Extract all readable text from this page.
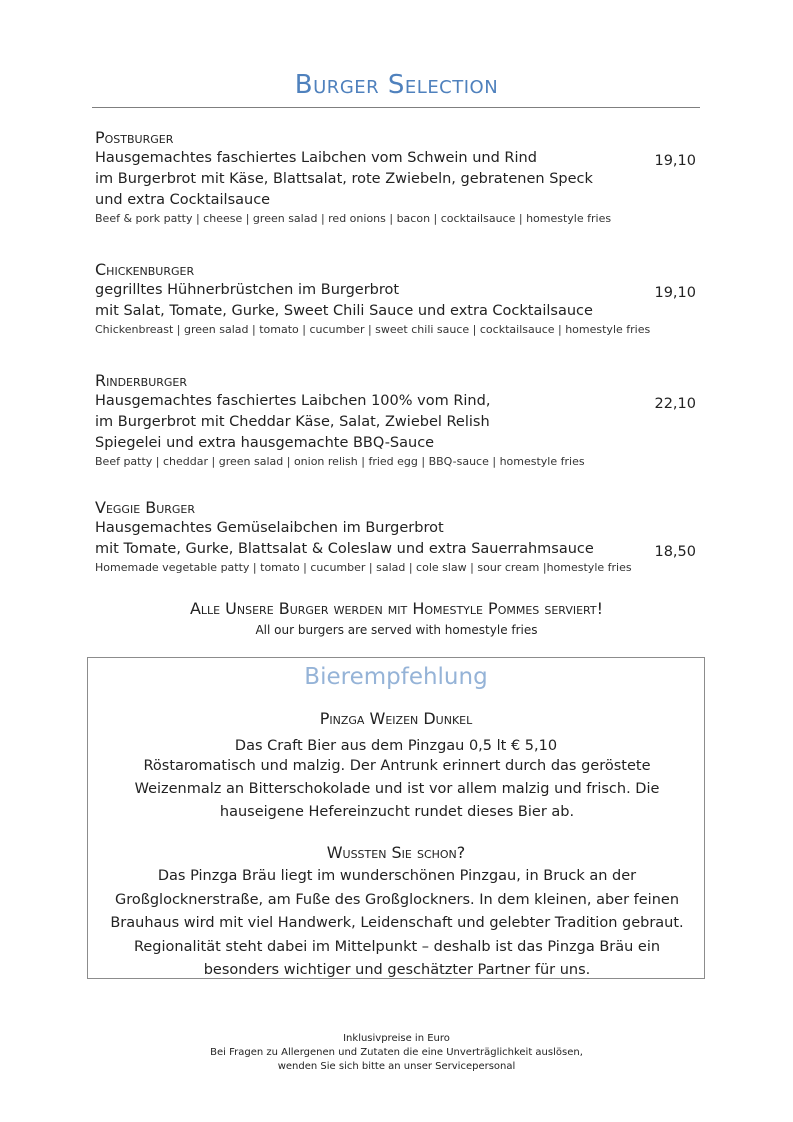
Burger Selection
Postburger
Hausgemachtes faschiertes Laibchen vom Schwein und Rind
im Burgerbrot mit Käse, Blattsalat, rote Zwiebeln, gebratenen Speck
und extra Cocktailsauce
Beef & pork patty | cheese | green salad | red onions | bacon | cocktailsauce | homestyle fries
19,10
Chickenburger
gegrilltes Hühnerbrüstchen im Burgerbrot
mit Salat, Tomate, Gurke, Sweet Chili Sauce und extra Cocktailsauce
Chickenbreast | green salad | tomato | cucumber | sweet chili sauce | cocktailsauce | homestyle fries
19,10
Rinderburger
Hausgemachtes faschiertes Laibchen 100% vom Rind,
im Burgerbrot mit Cheddar Käse, Salat, Zwiebel Relish
Spiegelei und extra hausgemachte BBQ-Sauce
Beef patty | cheddar | green salad | onion relish | fried egg | BBQ-sauce | homestyle fries
22,10
Veggie Burger
Hausgemachtes Gemüselaibchen im Burgerbrot
mit Tomate, Gurke, Blattsalat & Coleslaw und extra Sauerrahmsauce
Homemade vegetable patty | tomato | cucumber | salad | cole slaw | sour cream |homestyle fries
18,50
Alle Unsere Burger werden mit Homestyle Pommes serviert!
All our burgers are served with homestyle fries
Bierempfehlung
Pinzga Weizen Dunkel
Das Craft Bier aus dem Pinzgau 0,5 lt € 5,10
Röstaromatisch und malzig. Der Antrunk erinnert durch das geröstete Weizenmalz an Bitterschokolade und ist vor allem malzig und frisch. Die hauseigene Hefereinzucht rundet dieses Bier ab.
Wussten Sie schon?
Das Pinzga Bräu liegt im wunderschönen Pinzgau, in Bruck an der Großglocknerstraße, am Fuße des Großglockners. In dem kleinen, aber feinen Brauhaus wird mit viel Handwerk, Leidenschaft und gelebter Tradition gebraut. Regionalität steht dabei im Mittelpunkt – deshalb ist das Pinzga Bräu ein besonders wichtiger und geschätzter Partner für uns.
Inklusivpreise in Euro
Bei Fragen zu Allergenen und Zutaten die eine Unverträglichkeit auslösen,
wenden Sie sich bitte an unser Servicepersonal
